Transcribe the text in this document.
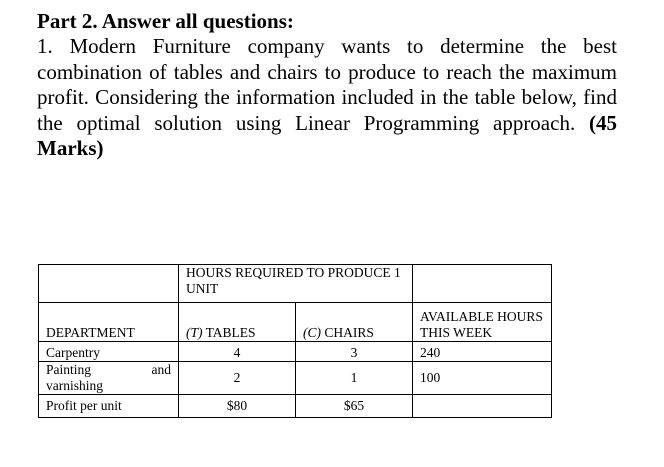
Part 2. Answer all questions:

1. Modern Furniture company wants to determine the best combination of tables and chairs to produce to reach the maximum profit. Considering the information included in the table below, find the optimal solution using Linear Programming approach. (45 Marks)

	HOURS REQUIRED TO PRODUCE 1 UNIT		
DEPARTMENT	(T) TABLES	(C) CHAIRS	AVAILABLE HOURS THIS WEEK
Carpentry	4	3	240

Painting and
varnishing	2	1	100
Profit per unit	$80	$65	
